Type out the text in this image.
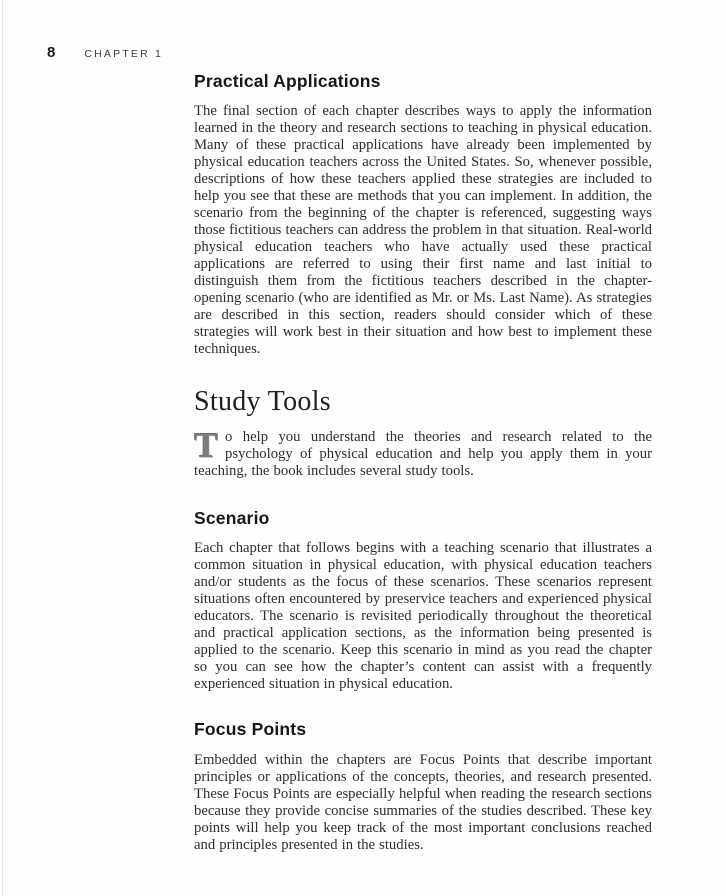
8	CHAPTER 1
Practical Applications

The final section of each chapter describes ways to apply the information learned in the theory and research sections to teaching in physical education. Many of these practical applications have already been implemented by physical education teachers across the United States. So, whenever possible, descriptions of how these teachers applied these strategies are included to help you see that these are methods that you can implement. In addition, the scenario from the beginning of the chapter is referenced, suggesting ways those fictitious teachers can address the problem in that situation. Real-world physical education teachers who have actually used these practical applications are referred to using their first name and last initial to distinguish them from the fictitious teachers described in the chapter-opening scenario (who are identified as Mr. or Ms. Last Name). As strategies are described in this section, readers should consider which of these strategies will work best in their situation and how best to implement these techniques.

Study Tools

To help you understand the theories and research related to the psychology of physical education and help you apply them in your teaching, the book includes several study tools.

Scenario

Each chapter that follows begins with a teaching scenario that illustrates a common situation in physical education, with physical education teachers and/or students as the focus of these scenarios. These scenarios represent situations often encountered by preservice teachers and experienced physical educators. The scenario is revisited periodically throughout the theoretical and practical application sections, as the information being presented is applied to the scenario. Keep this scenario in mind as you read the chapter so you can see how the chapter’s content can assist with a frequently experienced situation in physical education.

Focus Points

Embedded within the chapters are Focus Points that describe important principles or applications of the concepts, theories, and research presented. These Focus Points are especially helpful when reading the research sections because they provide concise summaries of the studies described. These key points will help you keep track of the most important conclusions reached and principles presented in the studies.
